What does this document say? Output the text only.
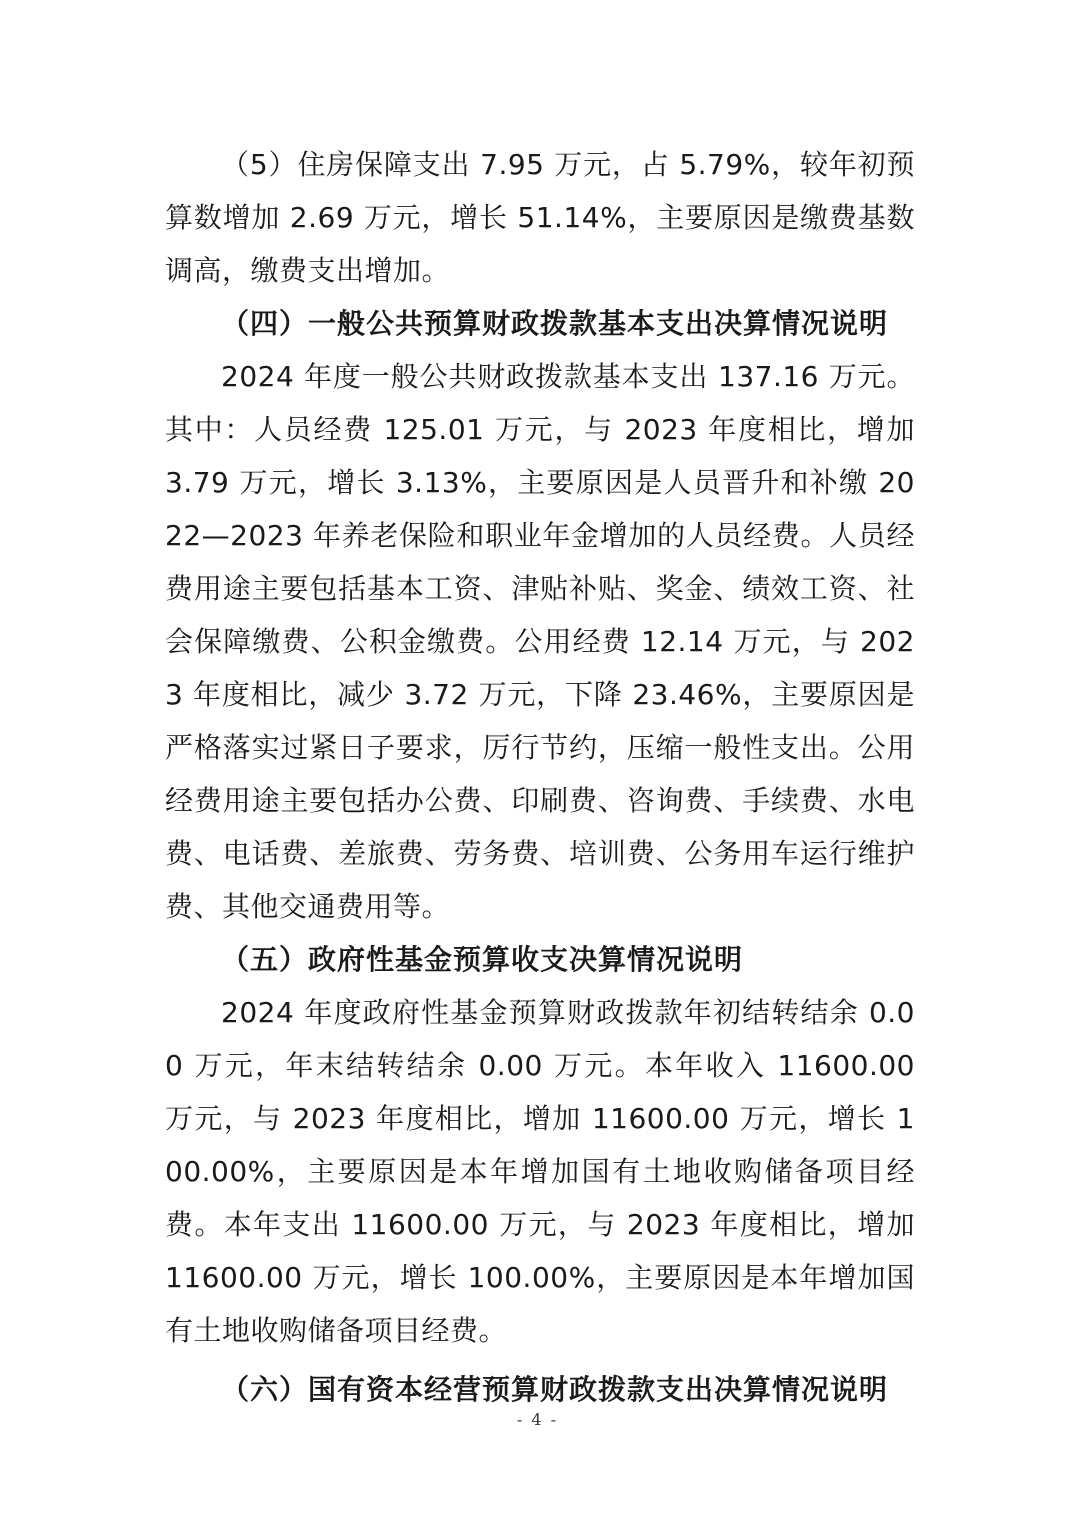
（5）住房保障支出 7.95 万元，占 5.79%，较年初预算数增加 2.69 万元，增长 51.14%，主要原因是缴费基数调高，缴费支出增加。

（四）一般公共预算财政拨款基本支出决算情况说明

2024 年度一般公共财政拨款基本支出 137.16 万元。其中：人员经费 125.01 万元，与 2023 年度相比，增加 3.79 万元，增长 3.13%，主要原因是人员晋升和补缴 2022—2023 年养老保险和职业年金增加的人员经费。人员经费用途主要包括基本工资、津贴补贴、奖金、绩效工资、社会保障缴费、公积金缴费。公用经费 12.14 万元，与 2023 年度相比，减少 3.72 万元，下降 23.46%，主要原因是严格落实过紧日子要求，厉行节约，压缩一般性支出。公用经费用途主要包括办公费、印刷费、咨询费、手续费、水电费、电话费、差旅费、劳务费、培训费、公务用车运行维护费、其他交通费用等。

（五）政府性基金预算收支决算情况说明

2024 年度政府性基金预算财政拨款年初结转结余 0.00 万元，年末结转结余 0.00 万元。本年收入 11600.00 万元，与 2023 年度相比，增加 11600.00 万元，增长 100.00%，主要原因是本年增加国有土地收购储备项目经费。本年支出 11600.00 万元，与 2023 年度相比，增加 11600.00 万元，增长 100.00%，主要原因是本年增加国有土地收购储备项目经费。

（六）国有资本经营预算财政拨款支出决算情况说明

- 4 -
